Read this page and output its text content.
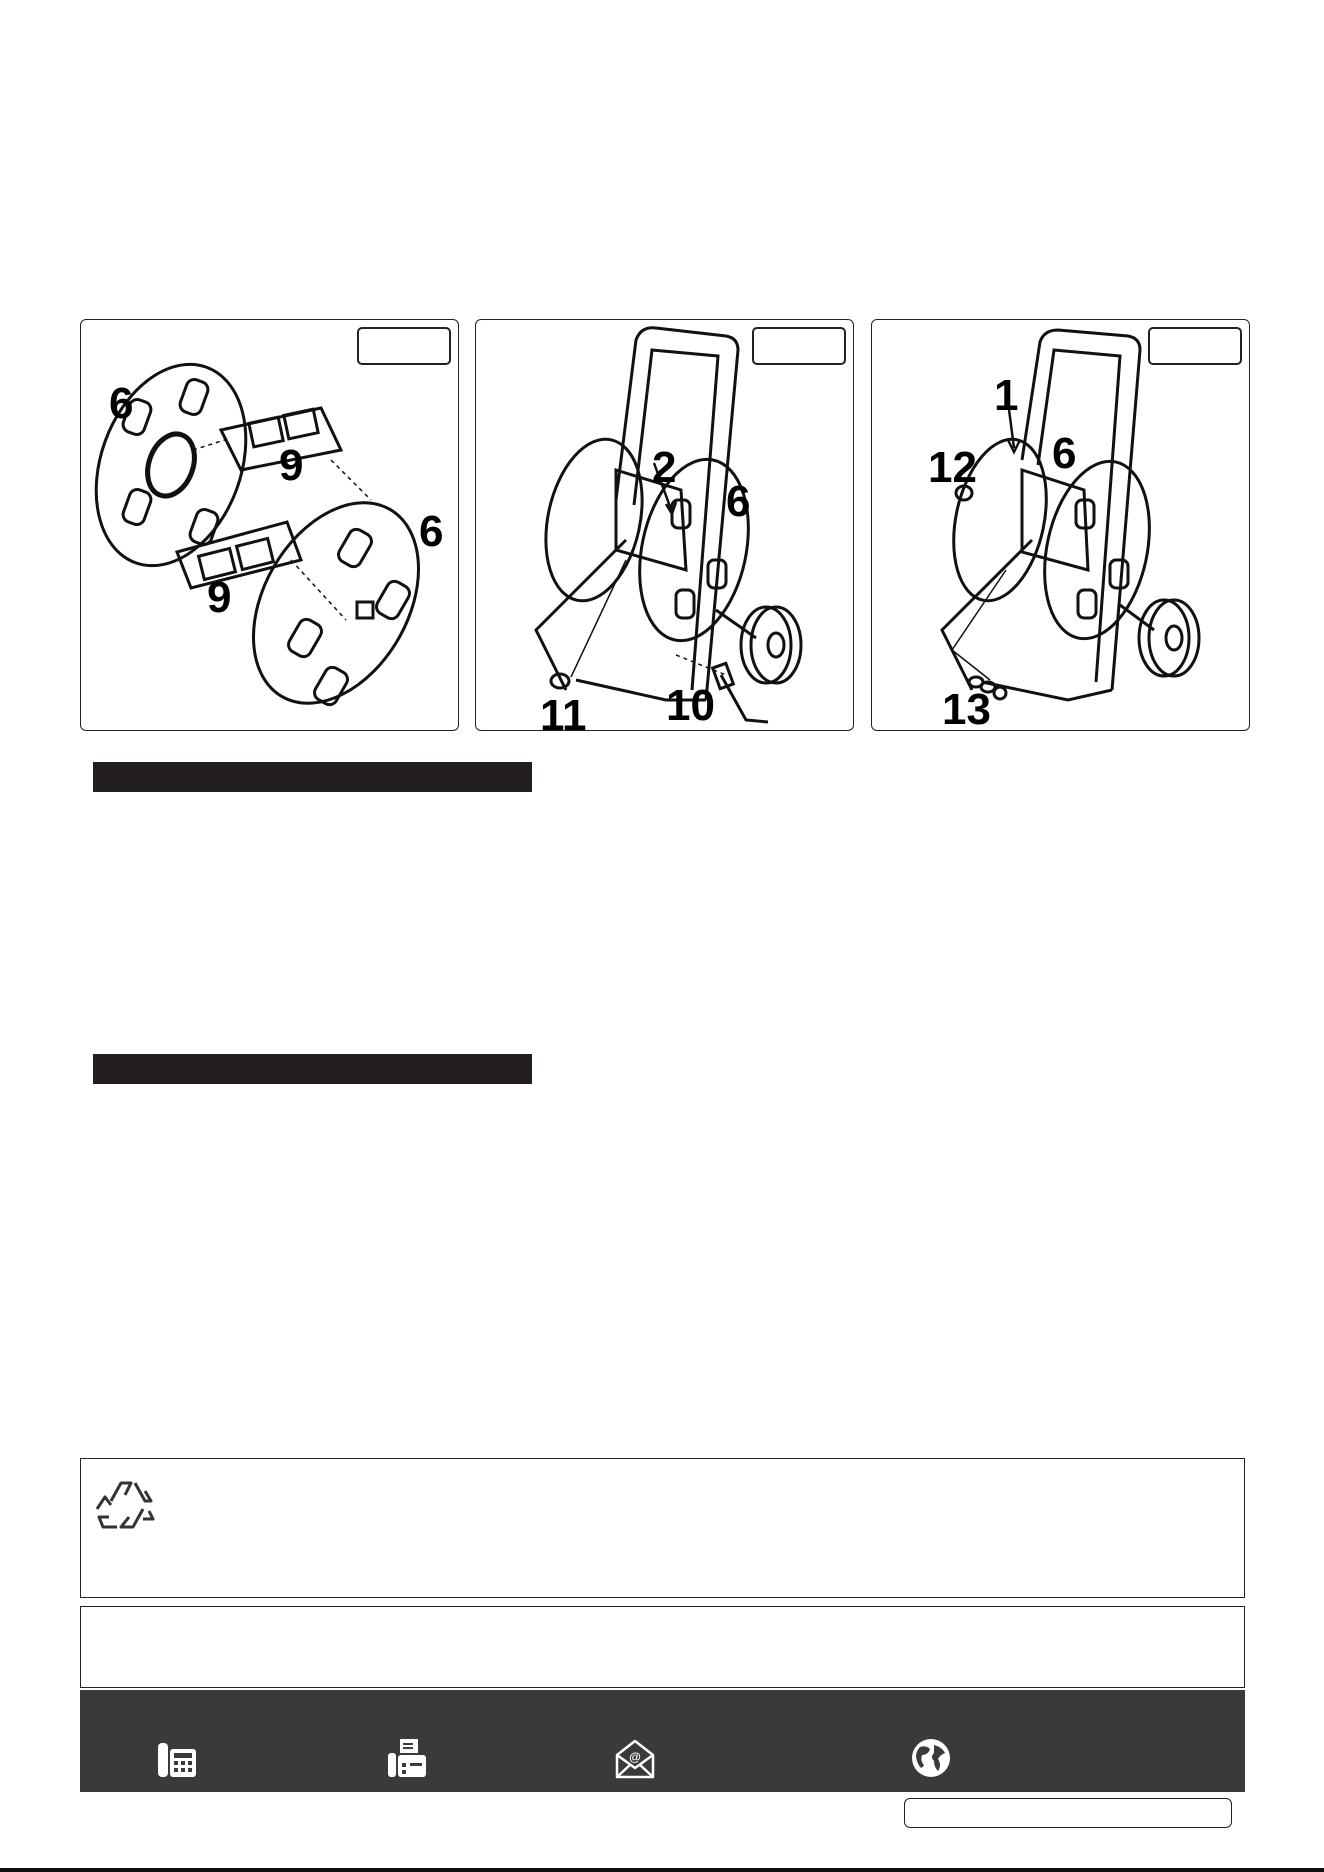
6
9
6
9
2
6
11 10
1
12 6
13
@
